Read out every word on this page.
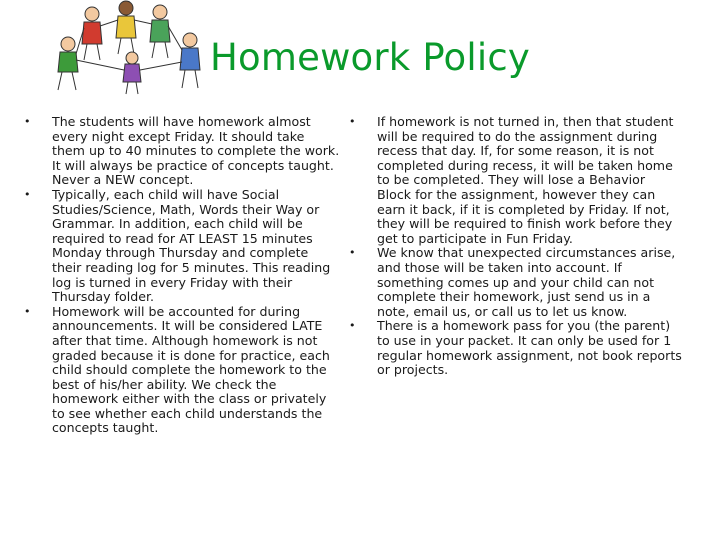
Homework Policy
• The students will have homework almost every night except Friday. It should take them up to 40 minutes to complete the work. It will always be practice of concepts taught. Never a NEW concept.
• Typically, each child will have Social Studies/Science, Math, Words their Way or Grammar. In addition, each child will be required to read for AT LEAST 15 minutes Monday through Thursday and complete their reading log for 5 minutes. This reading log is turned in every Friday with their Thursday folder.
• Homework will be accounted for during announcements. It will be considered LATE after that time. Although homework is not graded because it is done for practice, each child should complete the homework to the best of his/her ability. We check the homework either with the class or privately to see whether each child understands the concepts taught.
• If homework is not turned in, then that student will be required to do the assignment during recess that day. If, for some reason, it is not completed during recess, it will be taken home to be completed. They will lose a Behavior Block for the assignment, however they can earn it back, if it is completed by Friday. If not, they will be required to finish work before they get to participate in Fun Friday.
• We know that unexpected circumstances arise, and those will be taken into account. If something comes up and your child can not complete their homework, just send us in a note, email us, or call us to let us know.
• There is a homework pass for you (the parent) to use in your packet. It can only be used for 1 regular homework assignment, not book reports or projects.
